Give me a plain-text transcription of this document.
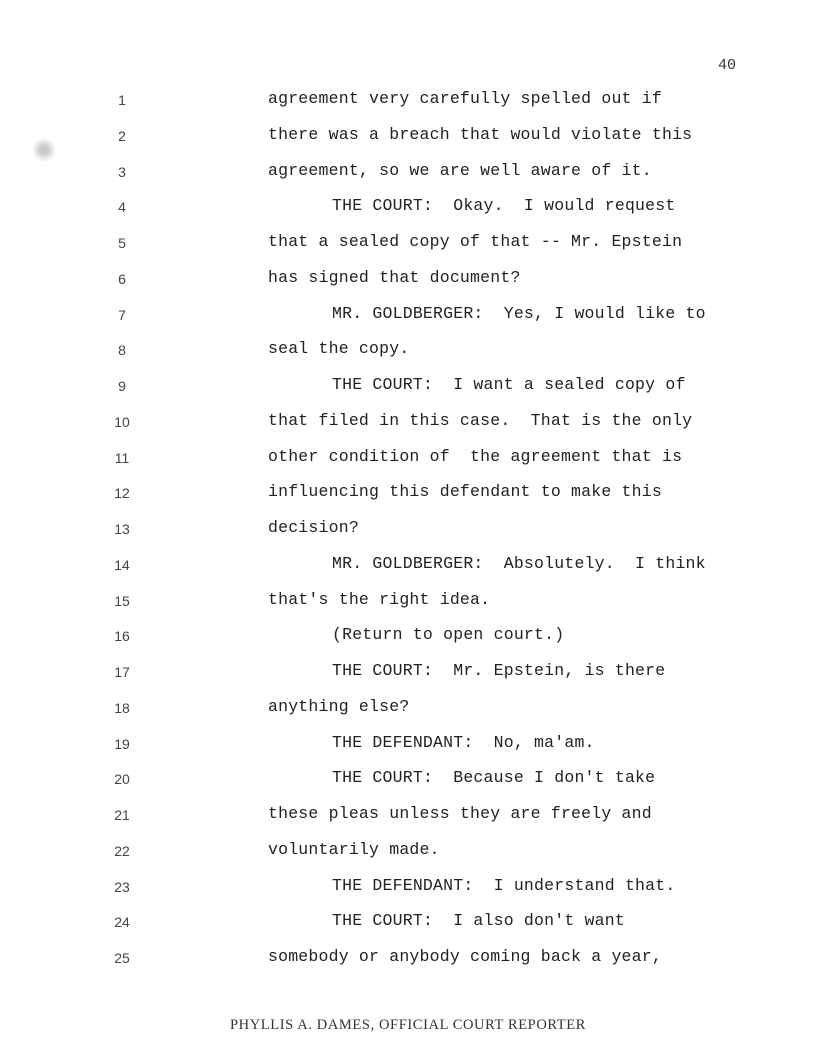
40
1	agreement very carefully spelled out if
2	there was a breach that would violate this
3	agreement, so we are well aware of it.
4	THE COURT:  Okay.  I would request
5	that a sealed copy of that -- Mr. Epstein
6	has signed that document?
7	MR. GOLDBERGER:  Yes, I would like to
8	seal the copy.
9	THE COURT:  I want a sealed copy of
10	that filed in this case.  That is the only
11	other condition of  the agreement that is
12	influencing this defendant to make this
13	decision?
14	MR. GOLDBERGER:  Absolutely.  I think
15	that's the right idea.
16	(Return to open court.)
17	THE COURT:  Mr. Epstein, is there
18	anything else?
19	THE DEFENDANT:  No, ma'am.
20	THE COURT:  Because I don't take
21	these pleas unless they are freely and
22	voluntarily made.
23	THE DEFENDANT:  I understand that.
24	THE COURT:  I also don't want
25	somebody or anybody coming back a year,
PHYLLIS A. DAMES, OFFICIAL COURT REPORTER
